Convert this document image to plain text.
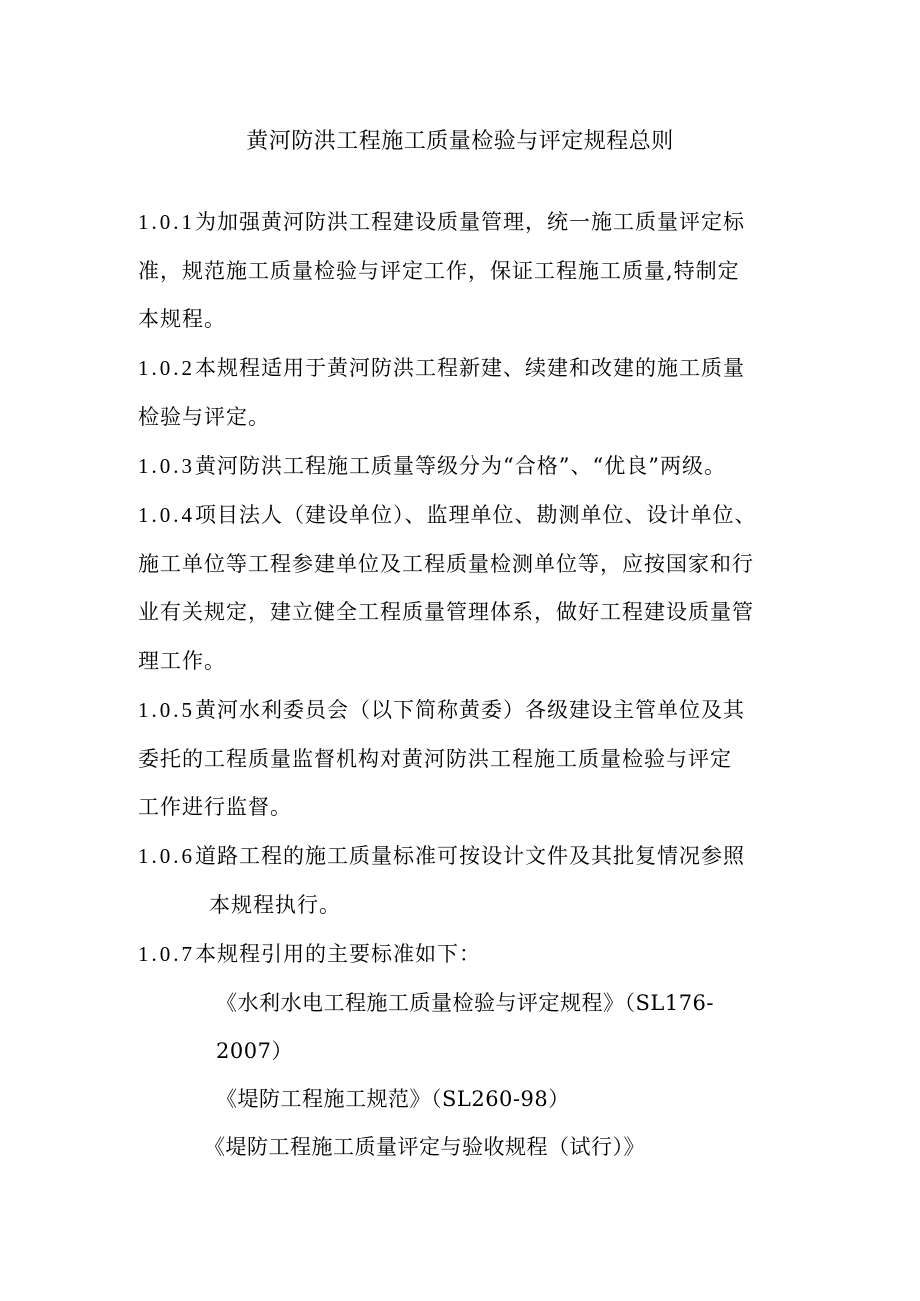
黄河防洪工程施工质量检验与评定规程总则
1.0.1为加强黄河防洪工程建设质量管理，统一施工质量评定标
准，规范施工质量检验与评定工作，保证工程施工质量,特制定
本规程。
1.0.2本规程适用于黄河防洪工程新建、续建和改建的施工质量
检验与评定。
1.0.3黄河防洪工程施工质量等级分为“合格”、“优良”两级。
1.0.4项目法人（建设单位）、监理单位、勘测单位、设计单位、
施工单位等工程参建单位及工程质量检测单位等，应按国家和行
业有关规定，建立健全工程质量管理体系，做好工程建设质量管
理工作。
1.0.5黄河水利委员会（以下简称黄委）各级建设主管单位及其
委托的工程质量监督机构对黄河防洪工程施工质量检验与评定
工作进行监督。
1.0.6道路工程的施工质量标准可按设计文件及其批复情况参照
本规程执行。
1.0.7本规程引用的主要标准如下：
《水利水电工程施工质量检验与评定规程》（SL176-
2007）
《堤防工程施工规范》（SL260-98）
《堤防工程施工质量评定与验收规程（试行）》
